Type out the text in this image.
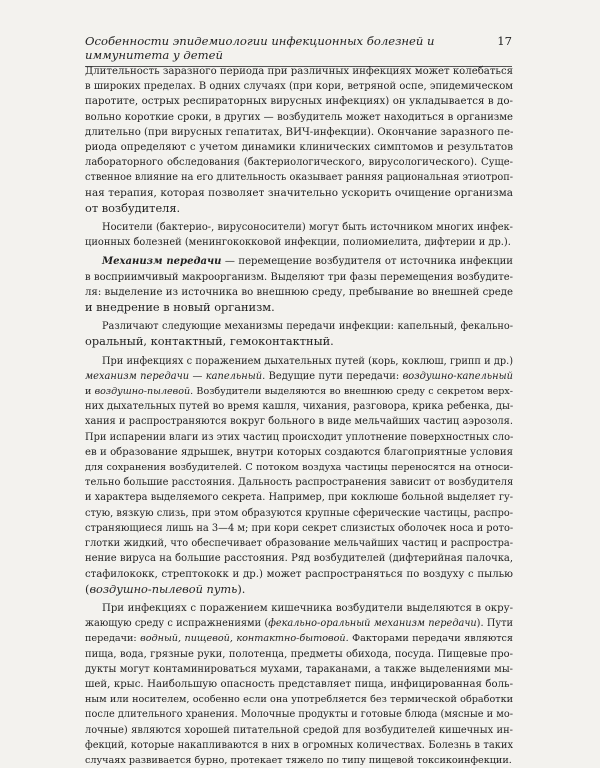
Особенности эпидемиологии инфекционных болезней и иммунитета у детей
17
Длительность заразного периода при различных инфекциях может колебаться
в широких пределах. В одних случаях (при кори, ветряной оспе, эпидемическом
паротите, острых респираторных вирусных инфекциях) он укладывается в до-
вольно короткие сроки, в других — возбудитель может находиться в организме
длительно (при вирусных гепатитах, ВИЧ-инфекции). Окончание заразного пе-
риода определяют с учетом динамики клинических симптомов и результатов
лабораторного обследования (бактериологического, вирусологического). Суще-
ственное влияние на его длительность оказывает ранняя рациональная этиотроп-
ная терапия, которая позволяет значительно ускорить очищение организма
от возбудителя.
Носители (бактерио-, вирусоносители) могут быть источником многих инфек-
ционных болезней (менингококковой инфекции, полиомиелита, дифтерии и др.).
Механизм передачи — перемещение возбудителя от источника инфекции
в восприимчивый макроорганизм. Выделяют три фазы перемещения возбудите-
ля: выделение из источника во внешнюю среду, пребывание во внешней среде
и внедрение в новый организм.
Различают следующие механизмы передачи инфекции: капельный, фекально-
оральный, контактный, гемоконтактный.
При инфекциях с поражением дыхательных путей (корь, коклюш, грипп и др.)
механизм передачи — капельный. Ведущие пути передачи: воздушно-капельный
и воздушно-пылевой. Возбудители выделяются во внешнюю среду с секретом верх-
них дыхательных путей во время кашля, чихания, разговора, крика ребенка, ды-
хания и распространяются вокруг больного в виде мельчайших частиц аэрозоля.
При испарении влаги из этих частиц происходит уплотнение поверхностных сло-
ев и образование ядрышек, внутри которых создаются благоприятные условия
для сохранения возбудителей. С потоком воздуха частицы переносятся на относи-
тельно большие расстояния. Дальность распространения зависит от возбудителя
и характера выделяемого секрета. Например, при коклюше больной выделяет гу-
стую, вязкую слизь, при этом образуются крупные сферические частицы, распро-
страняющиеся лишь на 3—4 м; при кори секрет слизистых оболочек носа и рото-
глотки жидкий, что обеспечивает образование мельчайших частиц и распростра-
нение вируса на большие расстояния. Ряд возбудителей (дифтерийная палочка,
стафилококк, стрептококк и др.) может распространяться по воздуху с пылью
(воздушно-пылевой путь).
При инфекциях с поражением кишечника возбудители выделяются в окру-
жающую среду с испражнениями (фекально-оральный механизм передачи). Пути
передачи: водный, пищевой, контактно-бытовой. Факторами передачи являются
пища, вода, грязные руки, полотенца, предметы обихода, посуда. Пищевые про-
дукты могут контаминироваться мухами, тараканами, а также выделениями мы-
шей, крыс. Наибольшую опасность представляет пища, инфицированная боль-
ным или носителем, особенно если она употребляется без термической обработки
после длительного хранения. Молочные продукты и готовые блюда (мясные и мо-
лочные) являются хорошей питательной средой для возбудителей кишечных ин-
фекций, которые накапливаются в них в огромных количествах. Болезнь в таких
случаях развивается бурно, протекает тяжело по типу пищевой токсикоинфекции.
